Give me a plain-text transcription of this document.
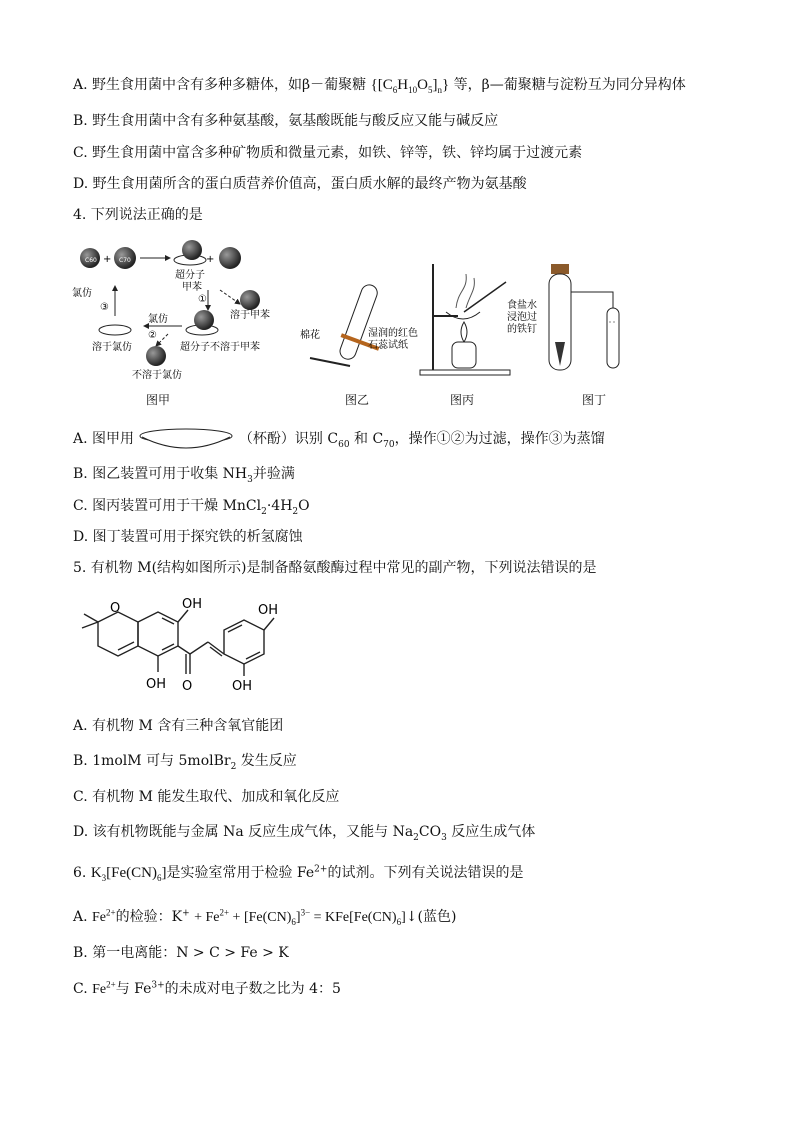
A. 野生食用菌中含有多种多糖体，如β－葡聚糖 $\{[C_6H_{10}O_5]_n\}$ 等，β—葡聚糖与淀粉互为同分异构体
B. 野生食用菌中含有多种氨基酸，氨基酸既能与酸反应又能与碱反应
C. 野生食用菌中富含多种矿物质和微量元素，如铁、锌等，铁、锌均属于过渡元素
D. 野生食用菌所含的蛋白质营养价值高，蛋白质水解的最终产物为氨基酸
4. 下列说法正确的是
C60 + C70	+
超分子
甲苯
①
溶于甲苯
超分子不溶于甲苯
氯仿
②
溶于氯仿
不溶于氯仿
③
氯仿
图甲
棉花	湿润的红色
石蕊试纸
图乙	图丙
食盐水
浸泡过
的铁钉
图丁
A. 图甲用	（杯酚）识别 $C_{60}$ 和 $C_{70}$，操作①②为过滤，操作③为蒸馏
B. 图乙装置可用于收集 $NH_3$并验满
C. 图丙装置可用于干燥 $MnCl_2\cdot 4H_2O$
D. 图丁装置可用于探究铁的析氢腐蚀
5. 有机物 M(结构如图所示)是制备酪氨酸酶过程中常见的副产物，下列说法错误的是
O	OH	OH
OH O	OH
A. 有机物 M 含有三种含氧官能团
B. 1molM 可与 5molBr$_2$ 发生反应
C. 有机物 M 能发生取代、加成和氧化反应
D. 该有机物既能与金属 Na 反应生成气体，又能与 $Na_2CO_3$ 反应生成气体
6. $K_3[Fe(CN)_6]$是实验室常用于检验 $Fe^{2+}$的试剂。下列有关说法错误的是
A. $Fe^{2+}$的检验：$K^+ + Fe^{2+} + [Fe(CN)_6]^{3-}$ = $KFe[Fe(CN)_6]↓$(蓝色)
B. 第一电离能：N > C > Fe > K
C. $Fe^{2+}$与 $Fe^{3+}$的未成对电子数之比为 4：5
